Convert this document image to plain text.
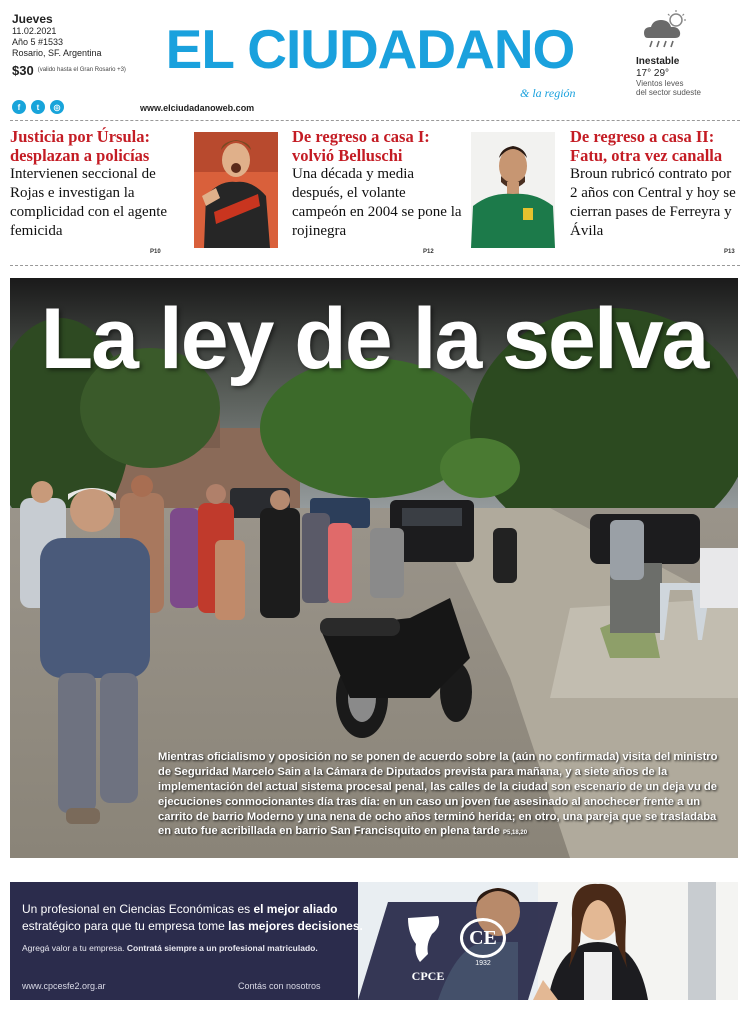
Jueves
11.02.2021
Año 5 #1533
Rosario, SF. Argentina
$30 (valido hasta el Gran Rosario +3)
f	t	◎
EL CIUDADANO
& la región
www.elciudadanoweb.com
Inestable
17° 29°
Vientos leves
del sector sudeste
Justicia por Úrsula: desplazan a policías

Intervienen seccional de Rojas e investigan la complicidad con el agente femicida

P10
De regreso a casa I: volvió Belluschi

Una década y media después, el volante campeón en 2004 se pone la rojinegra

P12
De regreso a casa II: Fatu, otra vez canalla

Broun rubricó contrato por 2 años con Central y hoy se cierran pases de Ferreyra y Ávila

P13
La ley de la selva
Mientras oficialismo y oposición no se ponen de acuerdo sobre la (aún no confirmada) visita del ministro de Seguridad Marcelo Sain a la Cámara de Diputados prevista para mañana, y a siete años de la implementación del actual sistema procesal penal, las calles de la ciudad son escenario de un deja vu de ejecuciones conmocionantes día tras día: en un caso un joven fue asesinado al anochecer frente a un carrito de barrio Moderno y una nena de ocho años terminó herida; en otro, una pareja que se trasladaba en auto fue acribillada en barrio San Francisquito en plena tarde P5,18,20
CPCE
CE
1932
Un profesional en Ciencias Económicas es el mejor aliado
estratégico para que tu empresa tome las mejores decisiones.
Agregá valor a tu empresa. Contratá siempre a un profesional matriculado.
www.cpcesfe2.org.ar	Contás con nosotros
